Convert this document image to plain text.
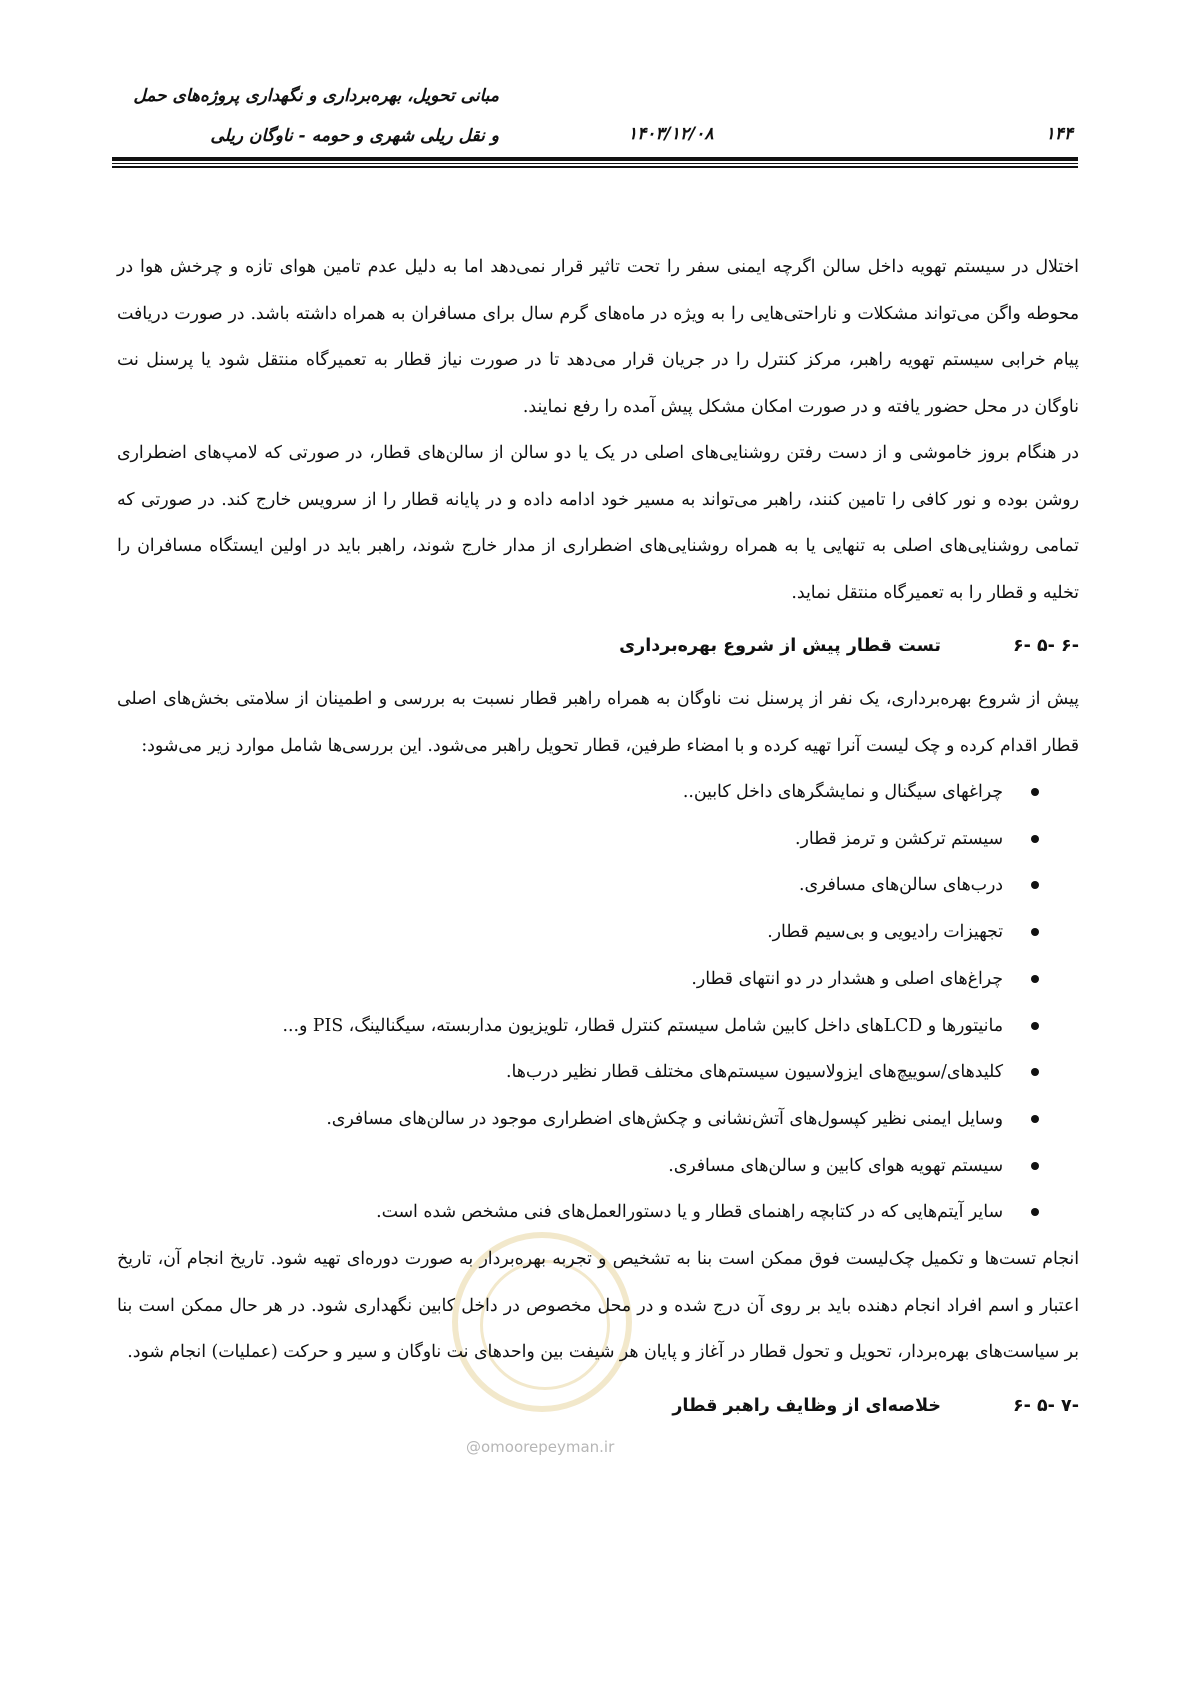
مبانی تحویل، بهره‌برداری و نگهداری پروژه‌های حمل
و نقل ریلی شهری و حومه - ناوگان ریلی	۱۴۰۳/۱۲/۰۸	۱۴۴

اختلال در سیستم تهویه داخل سالن اگرچه ایمنی سفر را تحت تاثیر قرار نمی‌دهد اما به دلیل عدم تامین هوای تازه و چرخش هوا در محوطه واگن می‌تواند مشکلات و ناراحتی‌هایی را به ویژه در ماه‌های گرم سال برای مسافران به همراه داشته باشد. در صورت دریافت پیام خرابی سیستم تهویه راهبر، مرکز کنترل را در جریان قرار می‌دهد تا در صورت نیاز قطار به تعمیرگاه منتقل شود یا پرسنل نت ناوگان در محل حضور یافته و در صورت امکان مشکل پیش آمده را رفع نمایند.

در هنگام بروز خاموشی و از دست رفتن روشنایی‌های اصلی در یک یا دو سالن از سالن‌های قطار، در صورتی که لامپ‌های اضطراری روشن بوده و نور کافی را تامین کنند، راهبر می‌تواند به مسیر خود ادامه داده و در پایانه قطار را از سرویس خارج کند. در صورتی که تمامی روشنایی‌های اصلی به تنهایی یا به همراه روشنایی‌های اضطراری از مدار خارج شوند، راهبر باید در اولین ایستگاه مسافران را تخلیه و قطار را به تعمیرگاه منتقل نماید.

۶- ۵- ۶-
تست قطار پیش از شروع بهره‌برداری

پیش از شروع بهره‌برداری، یک نفر از پرسنل نت ناوگان به همراه راهبر قطار نسبت به بررسی و اطمینان از سلامتی بخش‌های اصلی قطار اقدام کرده و چک لیست آنرا تهیه کرده و با امضاء طرفین، قطار تحویل راهبر می‌شود. این بررسی‌ها شامل موارد زیر می‌شود:

چراغهای سیگنال و نمایشگرهای داخل کابین..
سیستم ترکشن و ترمز قطار.
درب‌های سالن‌های مسافری.
تجهیزات رادیویی و بی‌سیم قطار.
چراغ‌های اصلی و هشدار در دو انتهای قطار.
مانیتورها و LCDهای داخل کابین شامل سیستم کنترل قطار، تلویزیون مداربسته، سیگنالینگ، PIS و...
کلیدهای/سوییچ‌های ایزولاسیون سیستم‌های مختلف قطار نظیر درب‌ها.
وسایل ایمنی نظیر کپسول‌های آتش‌نشانی و چکش‌های اضطراری موجود در سالن‌های مسافری.
سیستم تهویه هوای کابین و سالن‌های مسافری.
سایر آیتم‌هایی که در کتابچه راهنمای قطار و یا دستورالعمل‌های فنی مشخص شده است.

انجام تست‌ها و تکمیل چک‌لیست فوق ممکن است بنا به تشخیص و تجربه بهره‌بردار به صورت دوره‌ای تهیه شود. تاریخ انجام آن، تاریخ اعتبار و اسم افراد انجام دهنده باید بر روی آن درج شده و در محل مخصوص در داخل کابین نگهداری شود. در هر حال ممکن است بنا بر سیاست‌های بهره‌بردار، تحویل و تحول قطار در آغاز و پایان هر شیفت بین واحدهای نت ناوگان و سیر و حرکت (عملیات) انجام شود.

۶- ۵- ۷-
خلاصه‌ای از وظایف راهبر قطار
@omoorepeyman.ir
